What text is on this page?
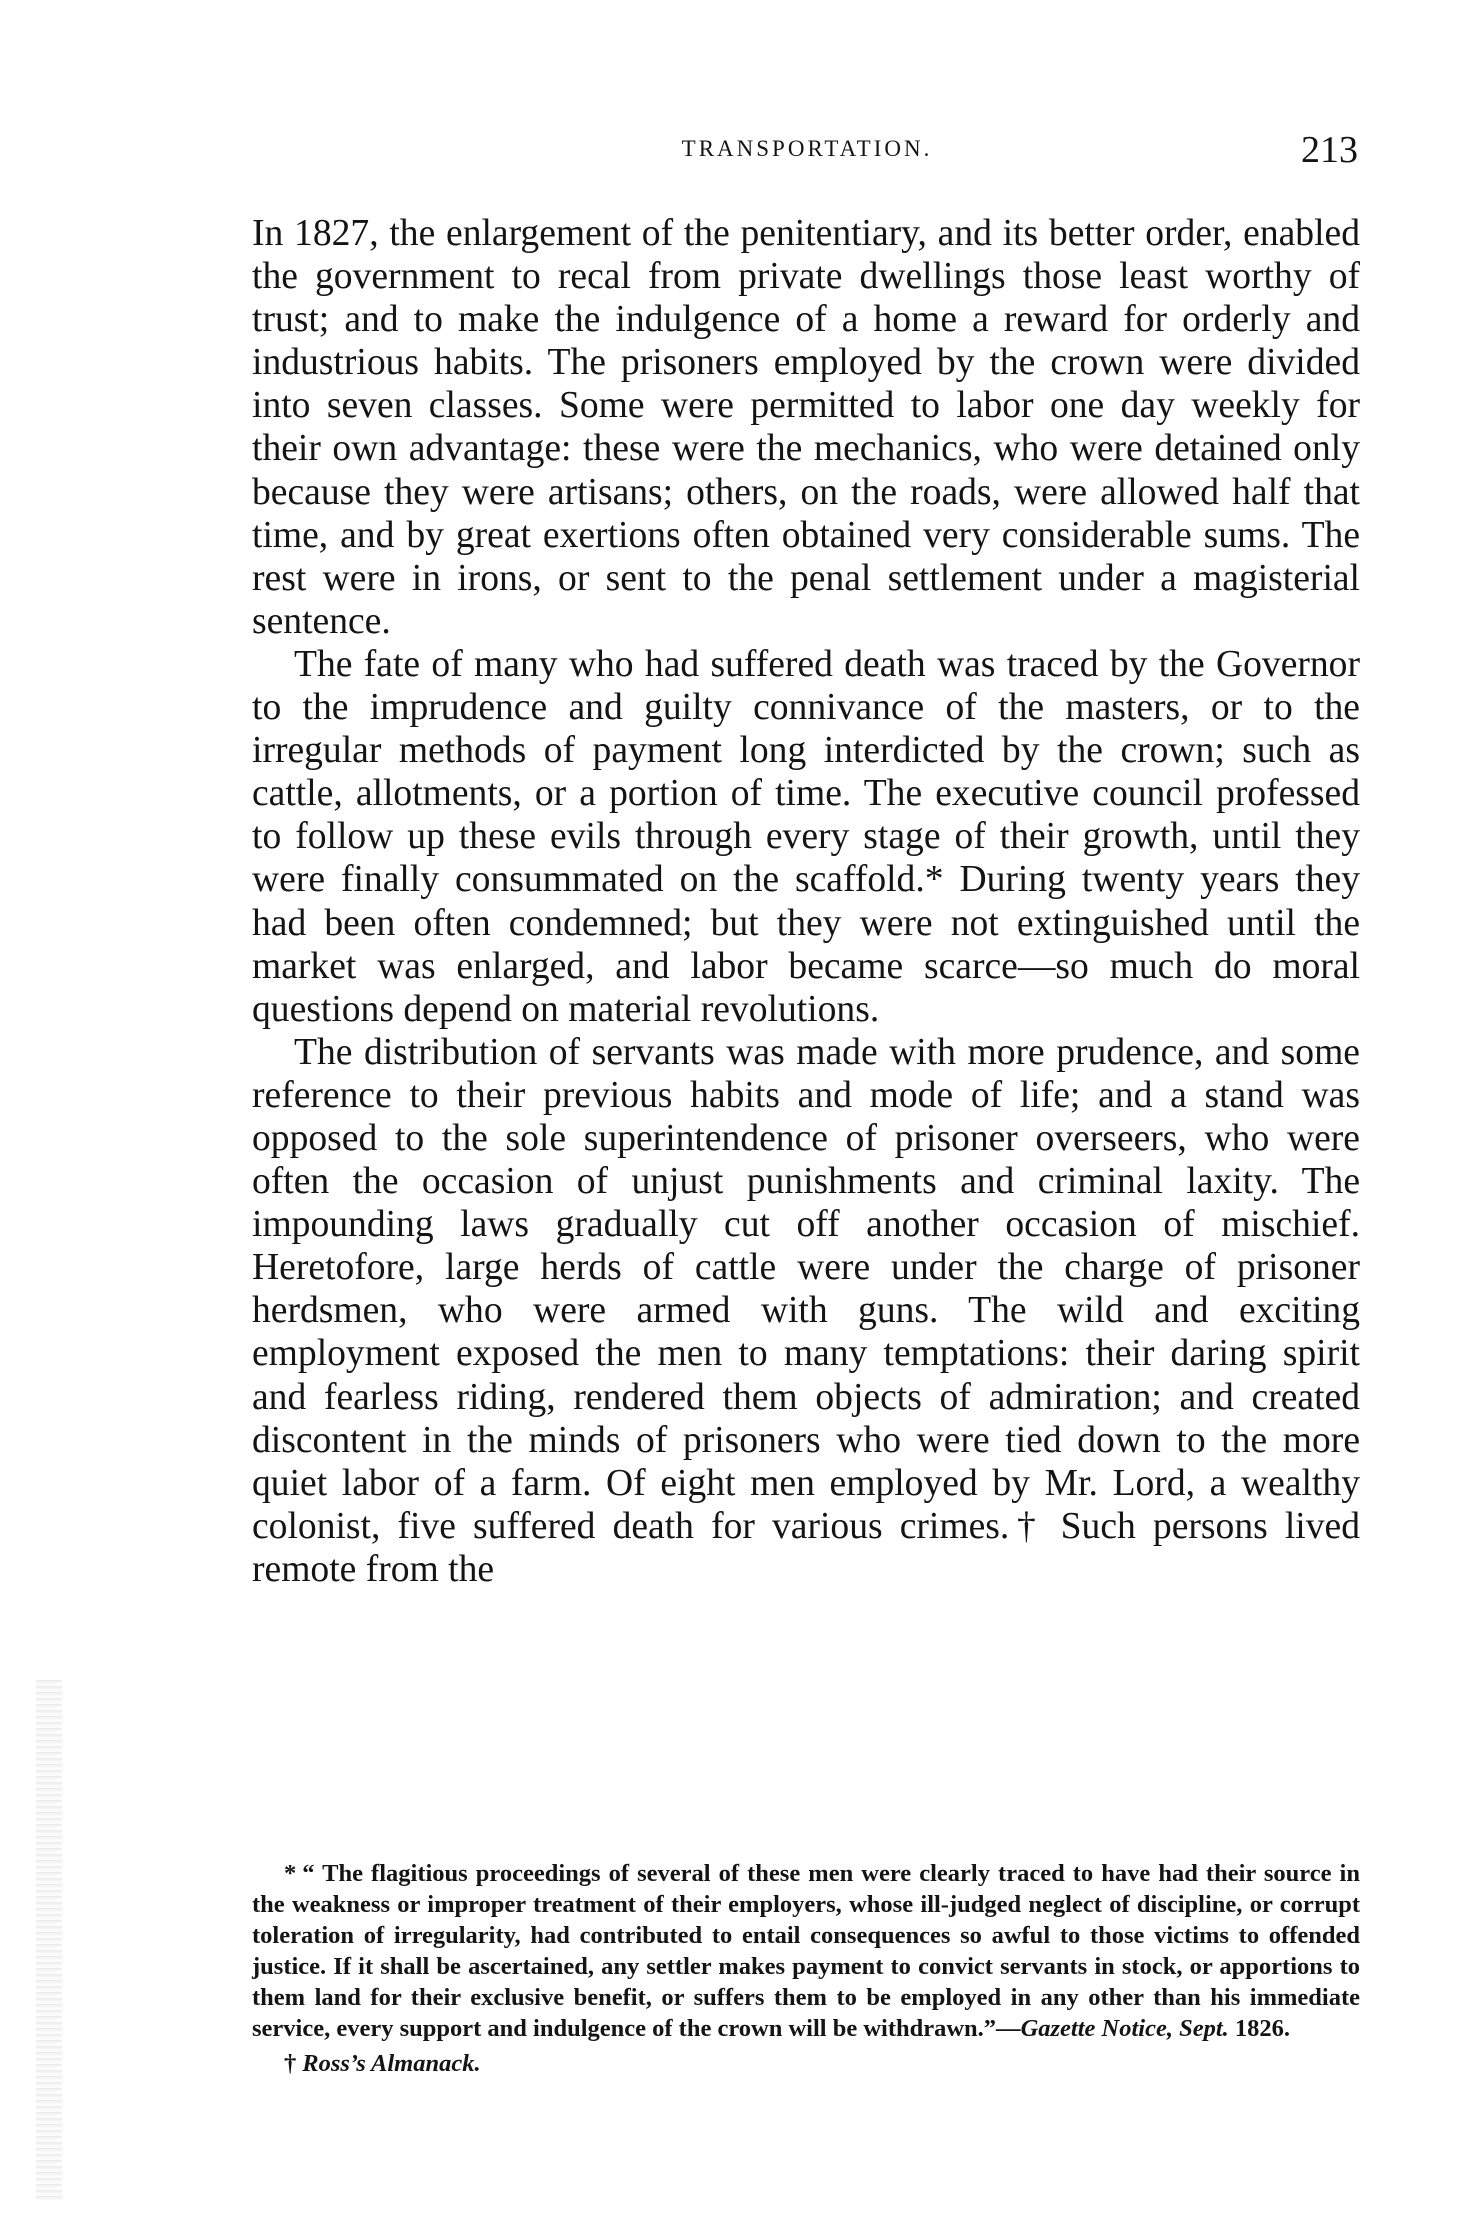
TRANSPORTATION.	213

In 1827, the enlargement of the penitentiary, and its better order, enabled the government to recal from private dwellings those least worthy of trust; and to make the indulgence of a home a reward for orderly and industrious habits. The prisoners employed by the crown were divided into seven classes. Some were permitted to labor one day weekly for their own advantage: these were the mechanics, who were detained only because they were artisans; others, on the roads, were allowed half that time, and by great exertions often obtained very considerable sums. The rest were in irons, or sent to the penal settlement under a magisterial sentence.

The fate of many who had suffered death was traced by the Governor to the imprudence and guilty connivance of the masters, or to the irregular methods of payment long interdicted by the crown; such as cattle, allotments, or a portion of time. The executive council professed to follow up these evils through every stage of their growth, until they were finally consummated on the scaffold.* During twenty years they had been often condemned; but they were not extinguished until the market was enlarged, and labor became scarce—so much do moral questions depend on material revolutions.

The distribution of servants was made with more prudence, and some reference to their previous habits and mode of life; and a stand was opposed to the sole superintendence of prisoner overseers, who were often the occasion of unjust punishments and criminal laxity. The impounding laws gradually cut off another occasion of mischief. Heretofore, large herds of cattle were under the charge of prisoner herdsmen, who were armed with guns. The wild and exciting employment exposed the men to many temptations: their daring spirit and fearless riding, rendered them objects of admiration; and created discontent in the minds of prisoners who were tied down to the more quiet labor of a farm. Of eight men employed by Mr. Lord, a wealthy colonist, five suffered death for various crimes.† Such persons lived remote from the

* “ The flagitious proceedings of several of these men were clearly traced to have had their source in the weakness or improper treatment of their employers, whose ill-judged neglect of discipline, or corrupt toleration of irregularity, had contributed to entail consequences so awful to those victims to offended justice. If it shall be ascertained, any settler makes payment to convict servants in stock, or apportions to them land for their exclusive benefit, or suffers them to be employed in any other than his immediate service, every support and indulgence of the crown will be withdrawn.”—Gazette Notice, Sept. 1826.

† Ross’s Almanack.
